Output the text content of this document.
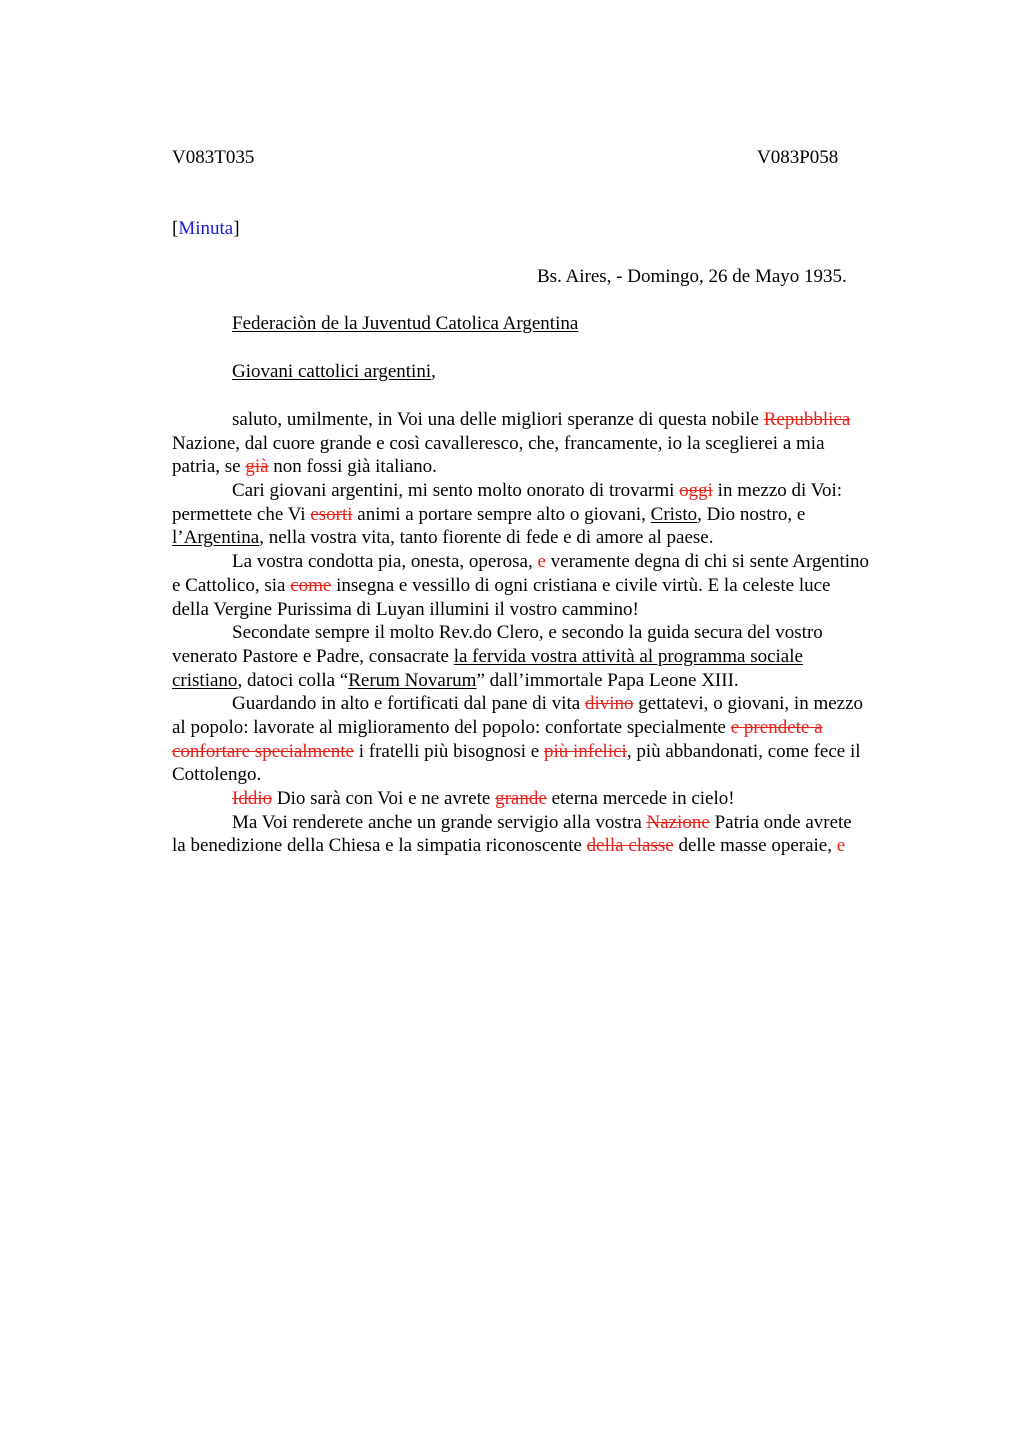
V083T035	V083P058
[Minuta]
Bs. Aires, - Domingo, 26 de Mayo 1935.
Federaciòn de la Juventud Catolica Argentina
Giovani cattolici argentini,
saluto, umilmente, in Voi una delle migliori speranze di questa nobile Repubblica
Nazione, dal cuore grande e così cavalleresco, che, francamente, io la sceglierei a mia
patria, se già non fossi già italiano.
Cari giovani argentini, mi sento molto onorato di trovarmi oggi in mezzo di Voi:
permettete che Vi esorti animi a portare sempre alto o giovani, Cristo, Dio nostro, e
l’Argentina, nella vostra vita, tanto fiorente di fede e di amore al paese.
La vostra condotta pia, onesta, operosa, e veramente degna di chi si sente Argentino
e Cattolico, sia come insegna e vessillo di ogni cristiana e civile virtù. E la celeste luce
della Vergine Purissima di Luyan illumini il vostro cammino!
Secondate sempre il molto Rev.do Clero, e secondo la guida secura del vostro
venerato Pastore e Padre, consacrate la fervida vostra attività al programma sociale
cristiano, datoci colla “Rerum Novarum” dall’immortale Papa Leone XIII.
Guardando in alto e fortificati dal pane di vita divino gettatevi, o giovani, in mezzo
al popolo: lavorate al miglioramento del popolo: confortate specialmente e prendete a
confortare specialmente i fratelli più bisognosi e più infelici, più abbandonati, come fece il
Cottolengo.
Iddio Dio sarà con Voi e ne avrete grande eterna mercede in cielo!
Ma Voi renderete anche un grande servigio alla vostra Nazione Patria onde avrete
la benedizione della Chiesa e la simpatia riconoscente della classe delle masse operaie, e
